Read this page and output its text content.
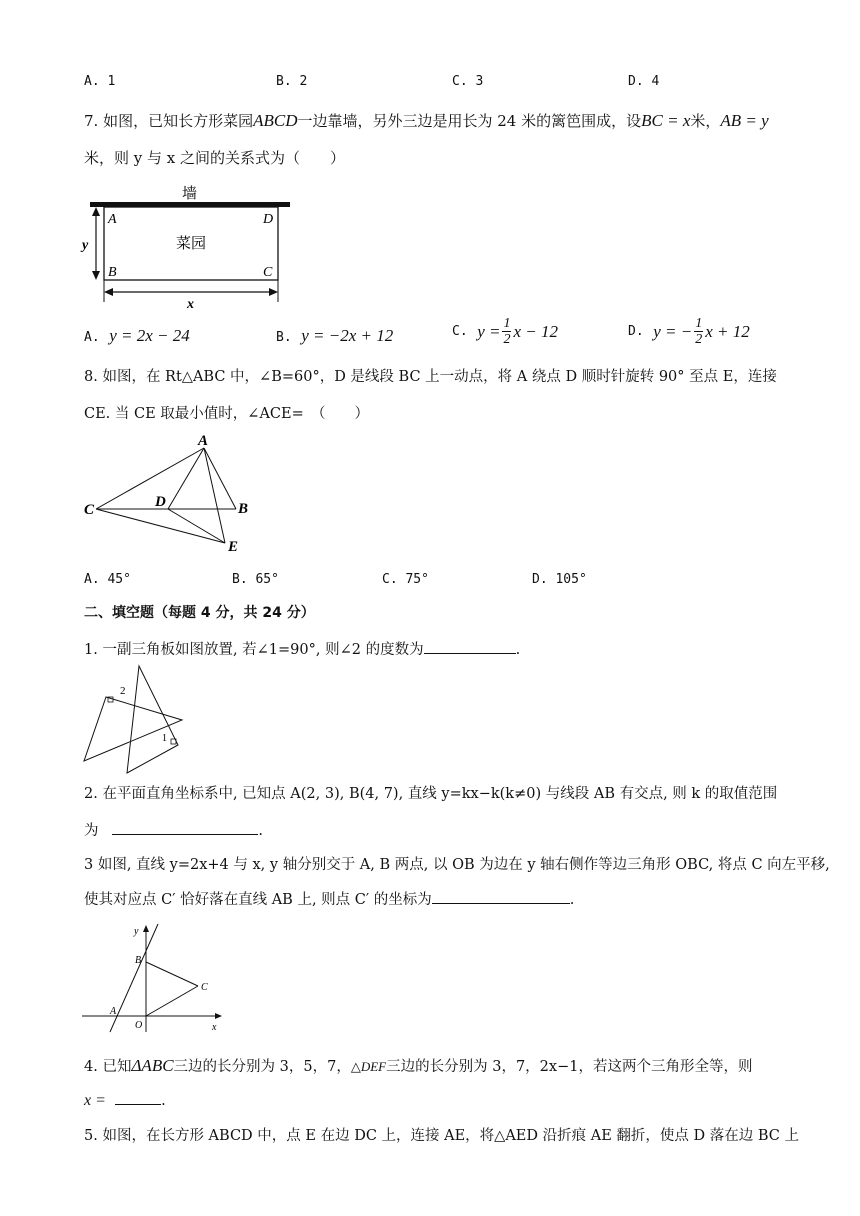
A. 1	B. 2	C. 3	D. 4
7. 如图，已知长方形菜园ABCD一边靠墙，另外三边是用长为 24 米的篱笆围成，设BC = x米，AB = y
米，则 y 与 x 之间的关系式为（　　）
墙
菜园
A	D
B	C
y
x
A. y = 2x − 24	B. y = −2x + 12	C.
$y = \frac{1}{2}$ x − 12	D.
y = − $\frac{1}{2}$ x + 12
8. 如图，在 Rt△ABC 中，∠B=60°，D 是线段 BC 上一动点，将 A 绕点 D 顺时针旋转 90° 至点 E，连接
CE. 当 CE 取最小值时，∠ACE=　（　　）
A
B
C	D
E
A. 45°	B. 65°	C. 75°	D. 105°
二、填空题（每题 4 分，共 24 分）
1. 一副三角板如图放置, 若∠1=90°, 则∠2 的度数为	.
2
1
2. 在平面直角坐标系中, 已知点 A(2, 3), B(4, 7), 直线 y=kx−k(k≠0) 与线段 AB 有交点, 则 k 的取值范围
为	.
3 如图, 直线 y=2x+4 与 x, y 轴分别交于 A, B 两点, 以 OB 为边在 y 轴右侧作等边三角形 OBC, 将点 C 向左平移,
使其对应点 C′ 恰好落在直线 AB 上, 则点 C′ 的坐标为	.
y
x
B
A
O
C
4. 已知ΔABC三边的长分别为 3，5，7，△DEF三边的长分别为 3，7，2x−1，若这两个三角形全等，则
x =	.
5. 如图，在长方形 ABCD 中，点 E 在边 DC 上，连接 AE，将△AED 沿折痕 AE 翻折，使点 D 落在边 BC 上
